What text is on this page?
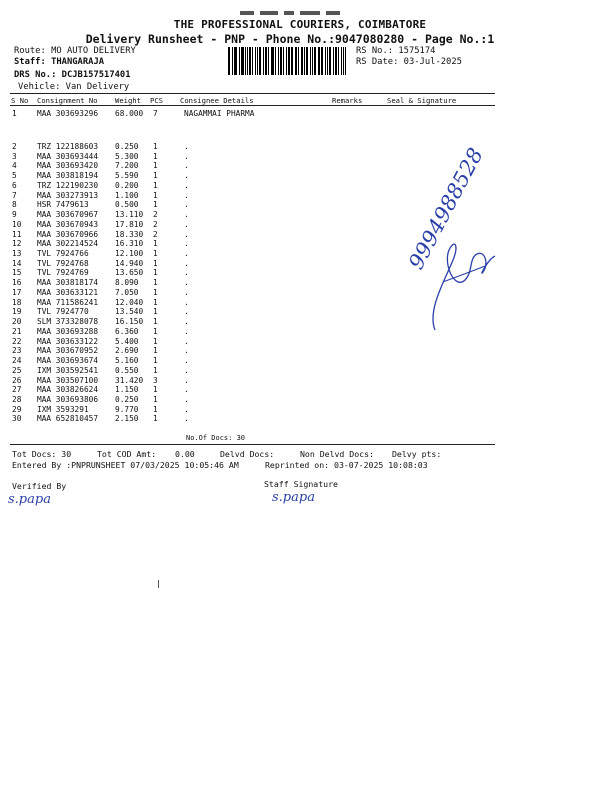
THE PROFESSIONAL COURIERS, COIMBATORE
Delivery Runsheet - PNP - Phone No.:9047080280 - Page No.:1
Route: MO AUTO DELIVERY
Staff: THANGARAJA
DRS No.: DCJB157517401
Vehicle: Van Delivery
RS No.: 1575174
RS Date: 03-Jul-2025
S No Consignment No Weight PCS Consignee Details	Remarks	Seal & Signature
1	MAA 303693296 68.000 7	NAGAMMAI PHARMA
2	TRZ 122188603 0.250 1	.
3	MAA 303693444 5.300 1	.
4	MAA 303693420 7.200 1	.
5	MAA 303818194 5.590 1	.
6	TRZ 122190230 0.200 1	.
7	MAA 303273913 1.100 1	.
8	HSR 7479613	0.500 1	.
9	MAA 303670967 13.110 2	.
10 MAA 303670943 17.810 2	.
11 MAA 303670966 18.330 2	.
12 MAA 302214524 16.310 1	.
13 TVL 7924766	12.100 1	.
14 TVL 7924768	14.940 1	.
15 TVL 7924769	13.650 1	.
16 MAA 303818174 8.090 1	.
17 MAA 303633121 7.050 1	.
18 MAA 711586241 12.040 1	.
19 TVL 7924770	13.540 1	.
20 SLM 373328078 16.150 1	.
21 MAA 303693288 6.360 1	.
22 MAA 303633122 5.400 1	.
23 MAA 303670952 2.690 1	.
24 MAA 303693674 5.160 1	.
25 IXM 303592541 0.550 1	.
26 MAA 303507100 31.420 3	.
27 MAA 303826624 1.150 1	.
28 MAA 303693806 0.250 1	.
29 IXM 3593291	9.770 1	.
30 MAA 652810457 2.150 1	.
No.Of Docs: 30
Tot Docs: 30	Tot COD Amt: 0.00	Delvd Docs:	Non Delvd Docs: Delvy pts:
Entered By :PNPRUNSHEET 07/03/2025 10:05:46 AM	Reprinted on: 03-07-2025 10:08:03
Verified By	Staff Signature
s.papa	s.papa
9994988528
